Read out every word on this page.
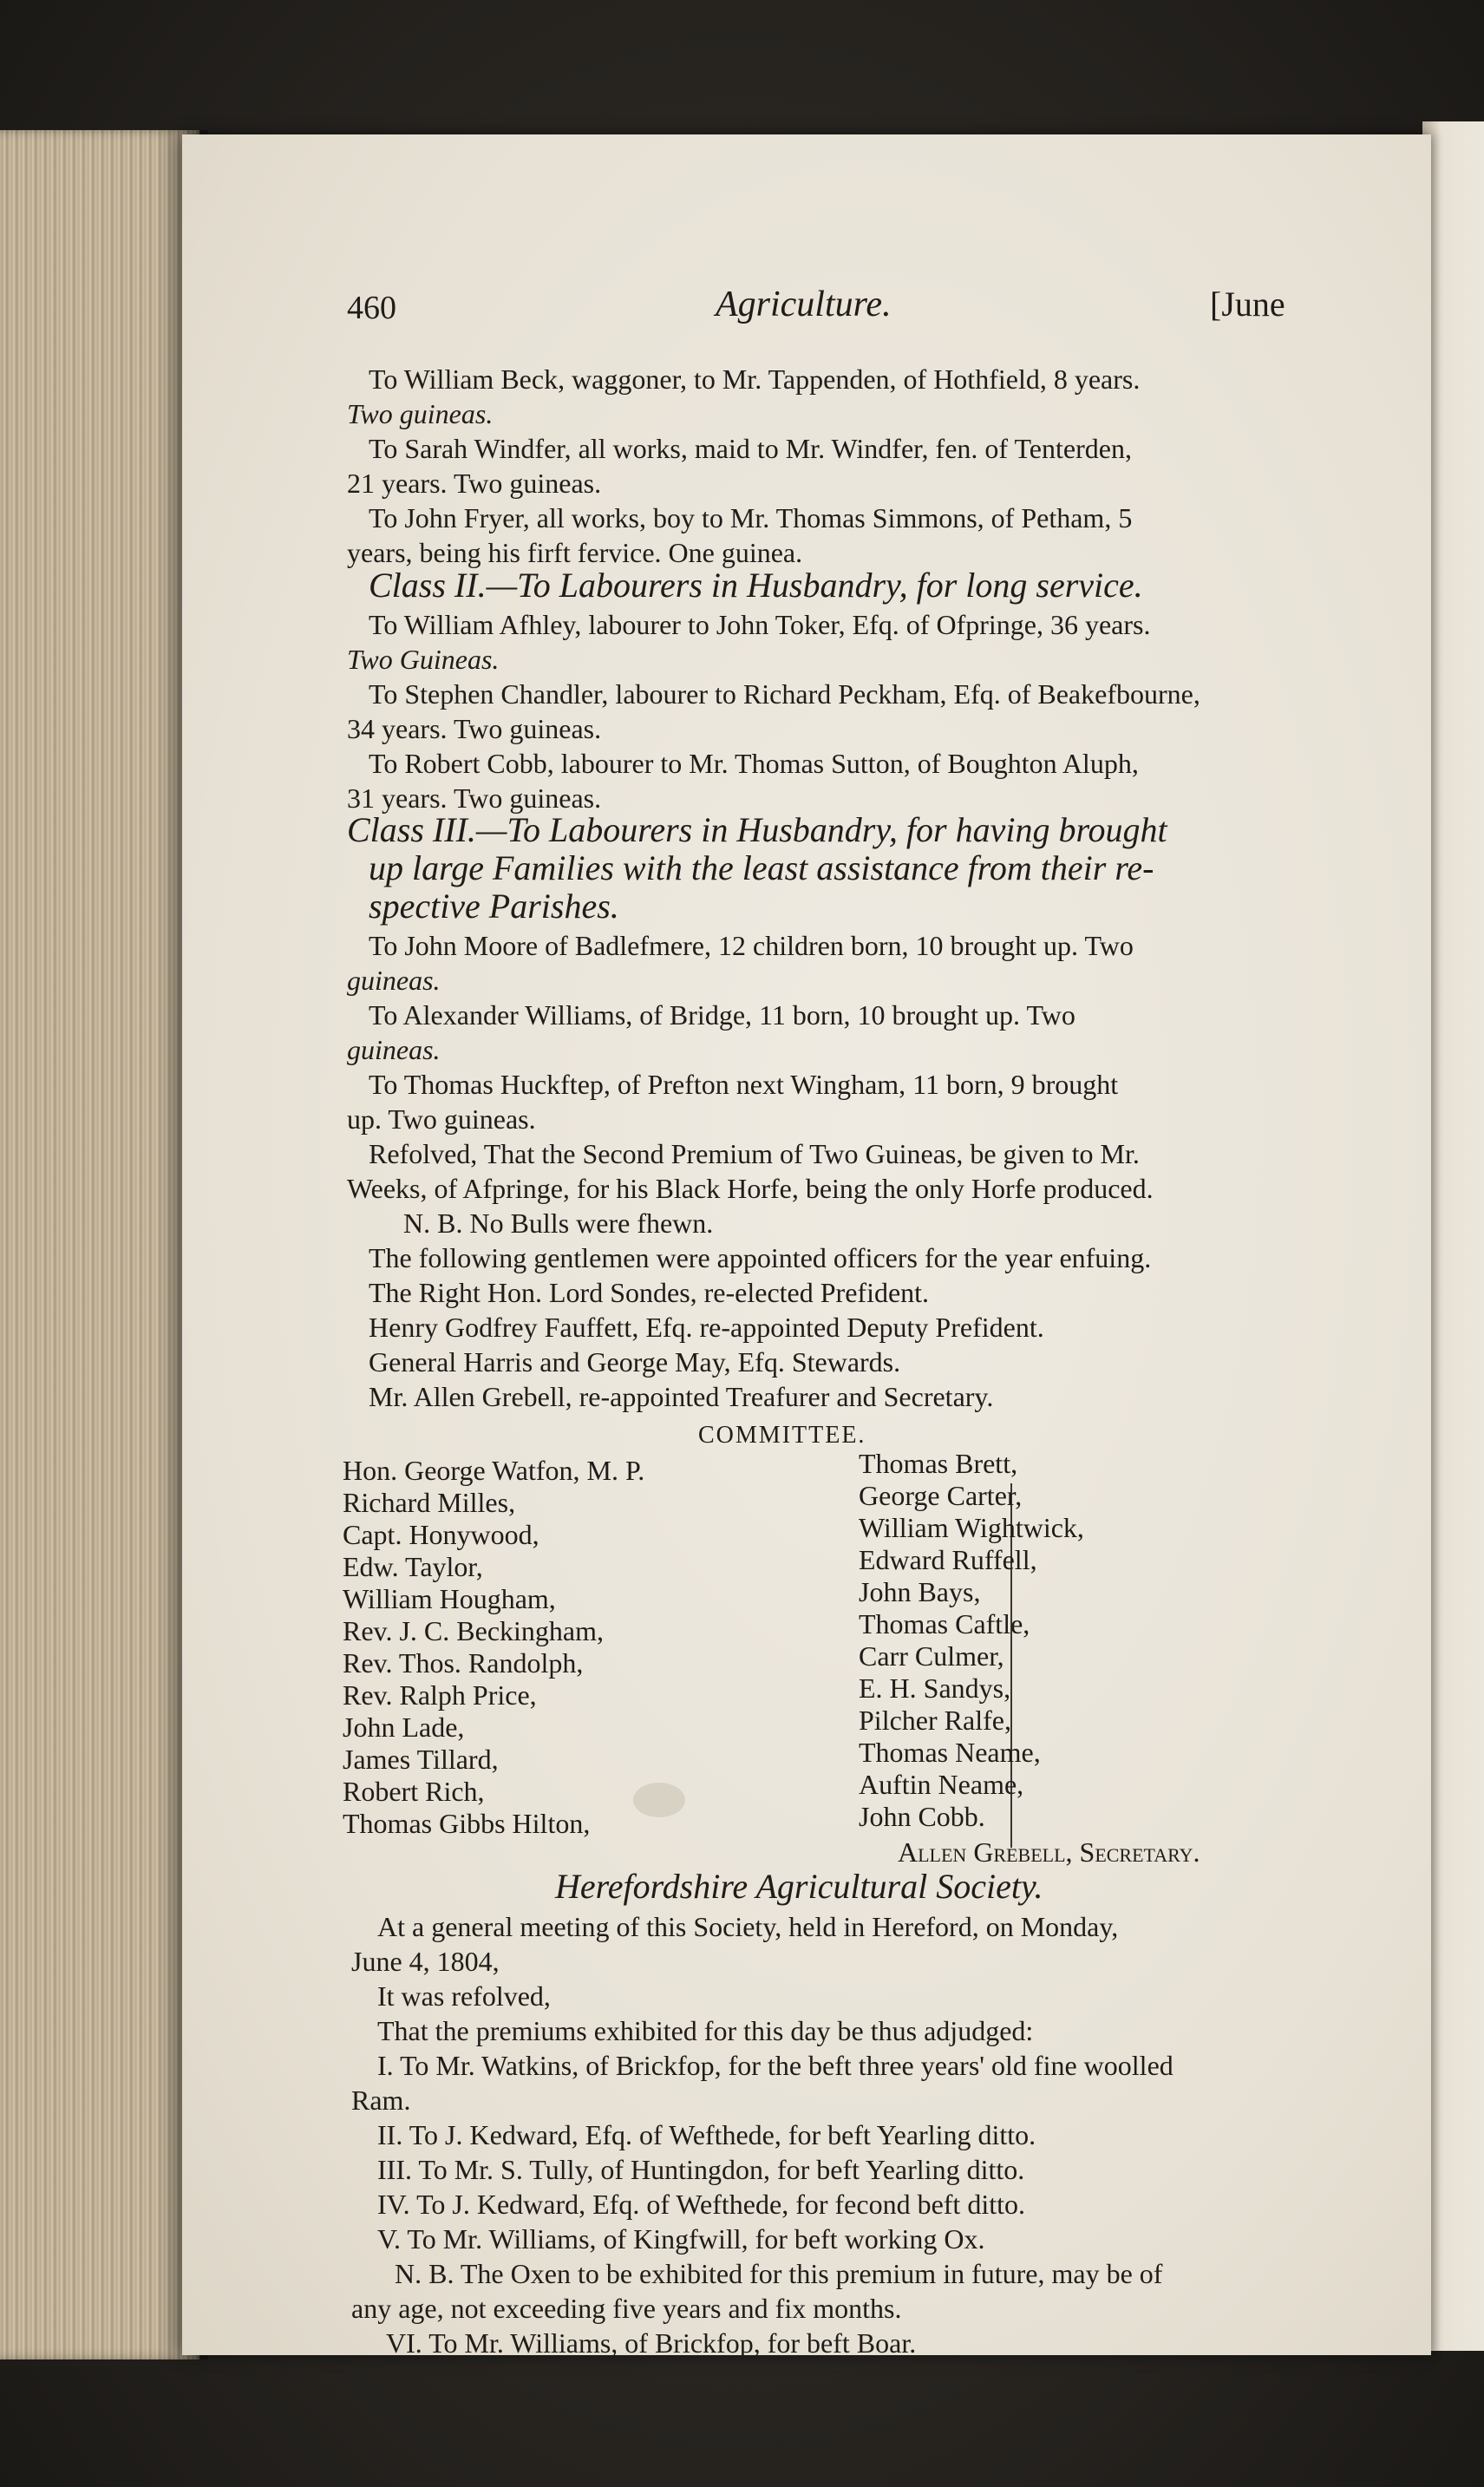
460	Agriculture.	[June
To William Beck, waggoner, to Mr. Tappenden, of Hothfield, 8 years.
Two guineas.
To Sarah Windfer, all works, maid to Mr. Windfer, fen. of Tenterden,
21 years. Two guineas.
To John Fryer, all works, boy to Mr. Thomas Simmons, of Petham, 5
years, being his firft fervice. One guinea.
Class II.—To Labourers in Husbandry, for long service.
To William Afhley, labourer to John Toker, Efq. of Ofpringe, 36 years.
Two Guineas.
To Stephen Chandler, labourer to Richard Peckham, Efq. of Beakefbourne,
34 years. Two guineas.
To Robert Cobb, labourer to Mr. Thomas Sutton, of Boughton Aluph,
31 years. Two guineas.
Class III.—To Labourers in Husbandry, for having brought
up large Families with the least assistance from their re-
spective Parishes.
To John Moore of Badlefmere, 12 children born, 10 brought up. Two
guineas.
To Alexander Williams, of Bridge, 11 born, 10 brought up. Two
guineas.
To Thomas Huckftep, of Prefton next Wingham, 11 born, 9 brought
up. Two guineas.
Refolved, That the Second Premium of Two Guineas, be given to Mr.
Weeks, of Afpringe, for his Black Horfe, being the only Horfe produced.
N. B. No Bulls were fhewn.
The following gentlemen were appointed officers for the year enfuing.
The Right Hon. Lord Sondes, re-elected Prefident.
Henry Godfrey Fauffett, Efq. re-appointed Deputy Prefident.
General Harris and George May, Efq. Stewards.
Mr. Allen Grebell, re-appointed Treafurer and Secretary.
COMMITTEE.
Hon. George Watfon, M. P.
Richard Milles,
Capt. Honywood,
Edw. Taylor,
William Hougham,
Rev. J. C. Beckingham,
Rev. Thos. Randolph,
Rev. Ralph Price,
John Lade,
James Tillard,
Robert Rich,
Thomas Gibbs Hilton,
Thomas Brett,
George Carter,
William Wightwick,
Edward Ruffell,
John Bays,
Thomas Caftle,
Carr Culmer,
E. H. Sandys,
Pilcher Ralfe,
Thomas Neame,
Auftin Neame,
John Cobb.
Allen Grebell, Secretary.
Herefordshire Agricultural Society.
At a general meeting of this Society, held in Hereford, on Monday,
June 4, 1804,
It was refolved,
That the premiums exhibited for this day be thus adjudged:
I. To Mr. Watkins, of Brickfop, for the beft three years' old fine woolled
Ram.
II. To J. Kedward, Efq. of Wefthede, for beft Yearling ditto.
III. To Mr. S. Tully, of Huntingdon, for beft Yearling ditto.
IV. To J. Kedward, Efq. of Wefthede, for fecond beft ditto.
V. To Mr. Williams, of Kingfwill, for beft working Ox.
N. B. The Oxen to be exhibited for this premium in future, may be of
any age, not exceeding five years and fix months.
VI. To Mr. Williams, of Brickfop, for beft Boar.
